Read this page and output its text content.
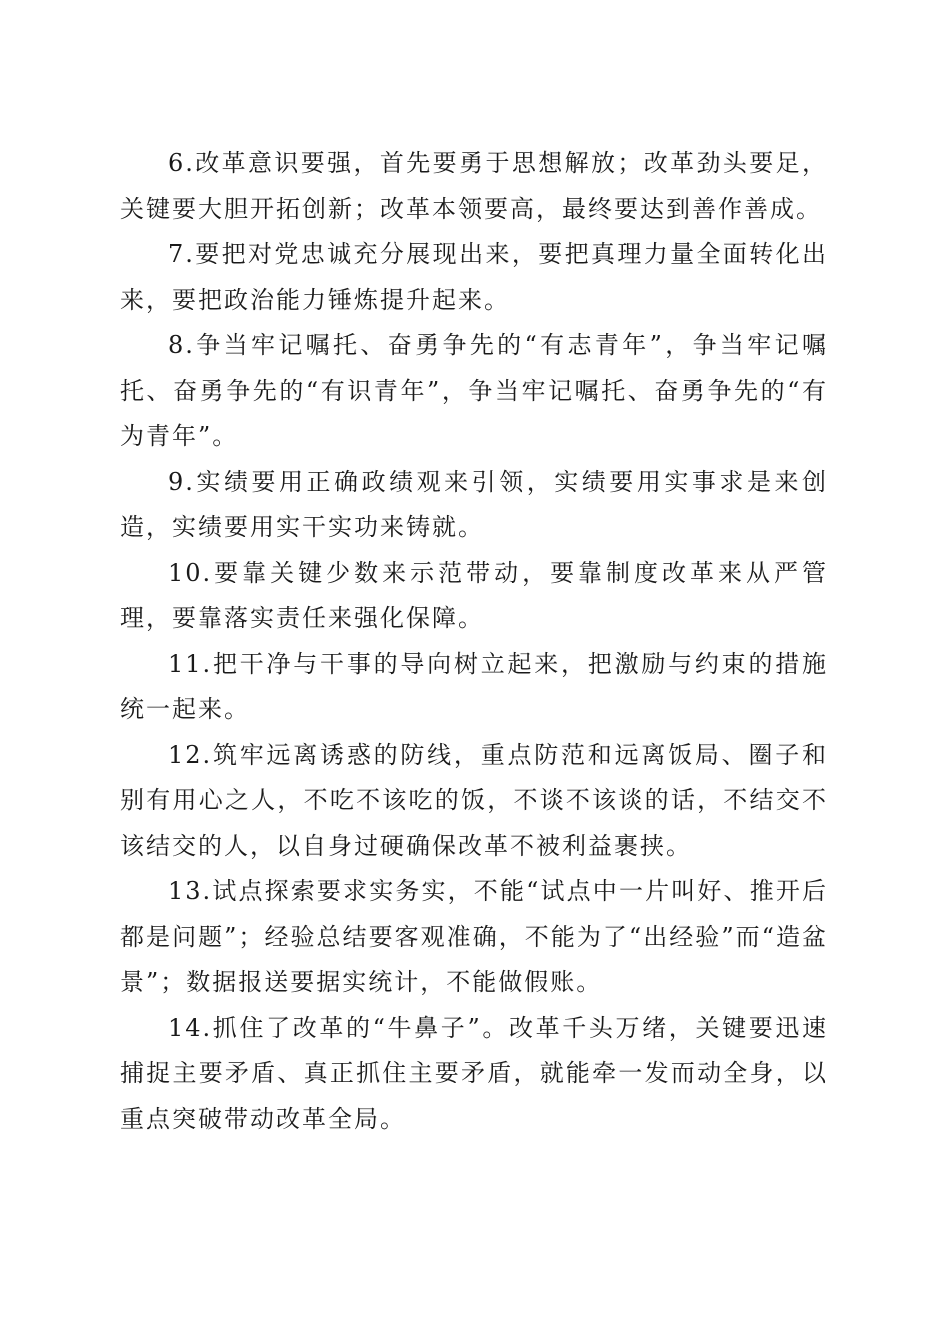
6.改革意识要强，首先要勇于思想解放；改革劲头要足，关键要大胆开拓创新；改革本领要高，最终要达到善作善成。

7.要把对党忠诚充分展现出来，要把真理力量全面转化出来，要把政治能力锤炼提升起来。

8.争当牢记嘱托、奋勇争先的“有志青年”，争当牢记嘱托、奋勇争先的“有识青年”，争当牢记嘱托、奋勇争先的“有为青年”。

9.实绩要用正确政绩观来引领，实绩要用实事求是来创造，实绩要用实干实功来铸就。

10.要靠关键少数来示范带动，要靠制度改革来从严管理，要靠落实责任来强化保障。

11.把干净与干事的导向树立起来，把激励与约束的措施统一起来。

12.筑牢远离诱惑的防线，重点防范和远离饭局、圈子和别有用心之人，不吃不该吃的饭，不谈不该谈的话，不结交不该结交的人，以自身过硬确保改革不被利益裹挟。

13.试点探索要求实务实，不能“试点中一片叫好、推开后都是问题”；经验总结要客观准确，不能为了“出经验”而“造盆景”；数据报送要据实统计，不能做假账。

14.抓住了改革的“牛鼻子”。改革千头万绪，关键要迅速捕捉主要矛盾、真正抓住主要矛盾，就能牵一发而动全身，以重点突破带动改革全局。
